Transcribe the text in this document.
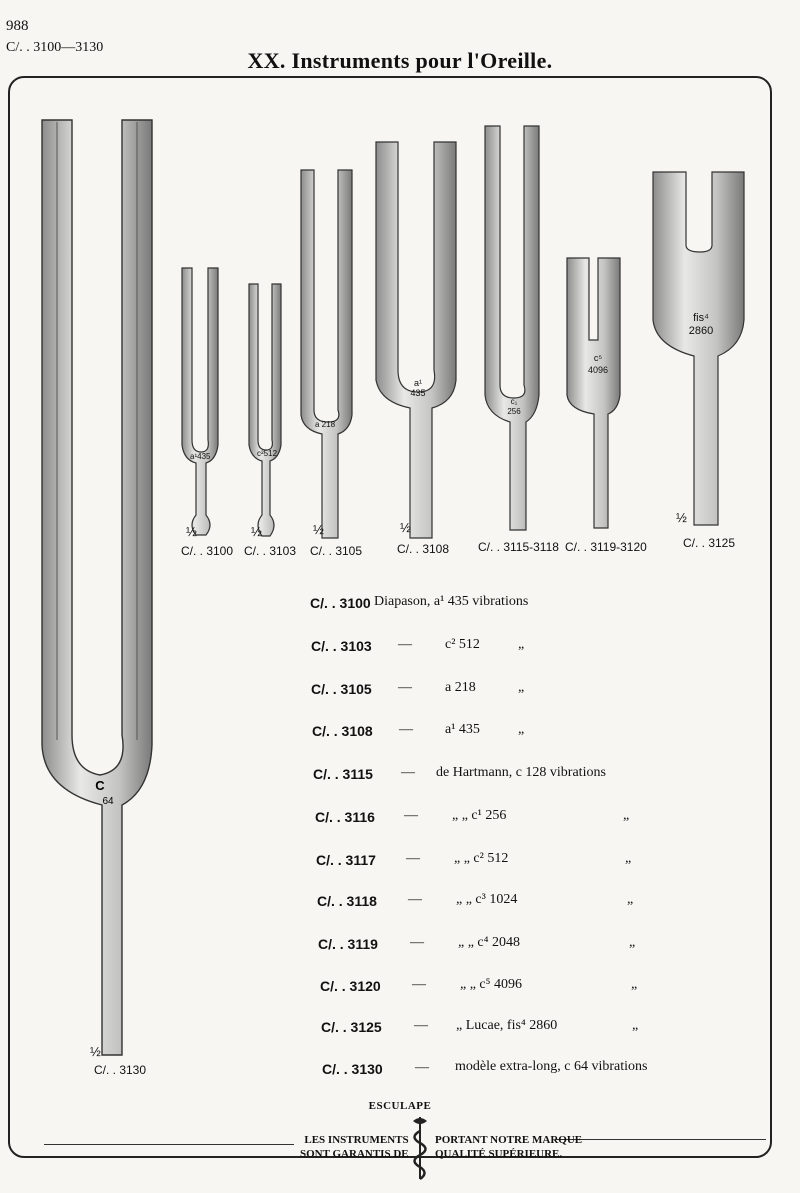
988
C/. . 3100—3130
XX. Instruments pour l'Oreille.
C
64
a¹435	c²512
a 218
a¹ 435
c₁ 256
c⁵ 4096
fis⁴ 2860
½	½	½	½
½
½
C/. . 3100 C/. . 3103 C/. . 3105	C/. . 3108 C/. . 3115-3118 C/. . 3119-3120	C/. . 3125
C/. . 3130
C/. . 3100 Diapason, a¹ 435 vibrations
C/. . 3103 — c² 512	„
C/. . 3105 — a 218	„
C/. . 3108 — a¹ 435	„
C/. . 3115 — de Hartmann, c 128 vibrations
C/. . 3116 — „ „ c¹ 256	„
C/. . 3117 — „ „ c² 512	„
C/. . 3118 — „ „ c³ 1024	„
C/. . 3119 — „ „ c⁴ 2048	„
C/. . 3120 — „ „ c⁵ 4096	„
C/. . 3125 — „ Lucae, fis⁴ 2860	„
C/. . 3130 — modèle extra-long, c 64 vibrations
ESCULAPE
LES INSTRUMENTS
SONT GARANTIS DE
PORTANT NOTRE MARQUE
QUALITÉ SUPÉRIEURE.
